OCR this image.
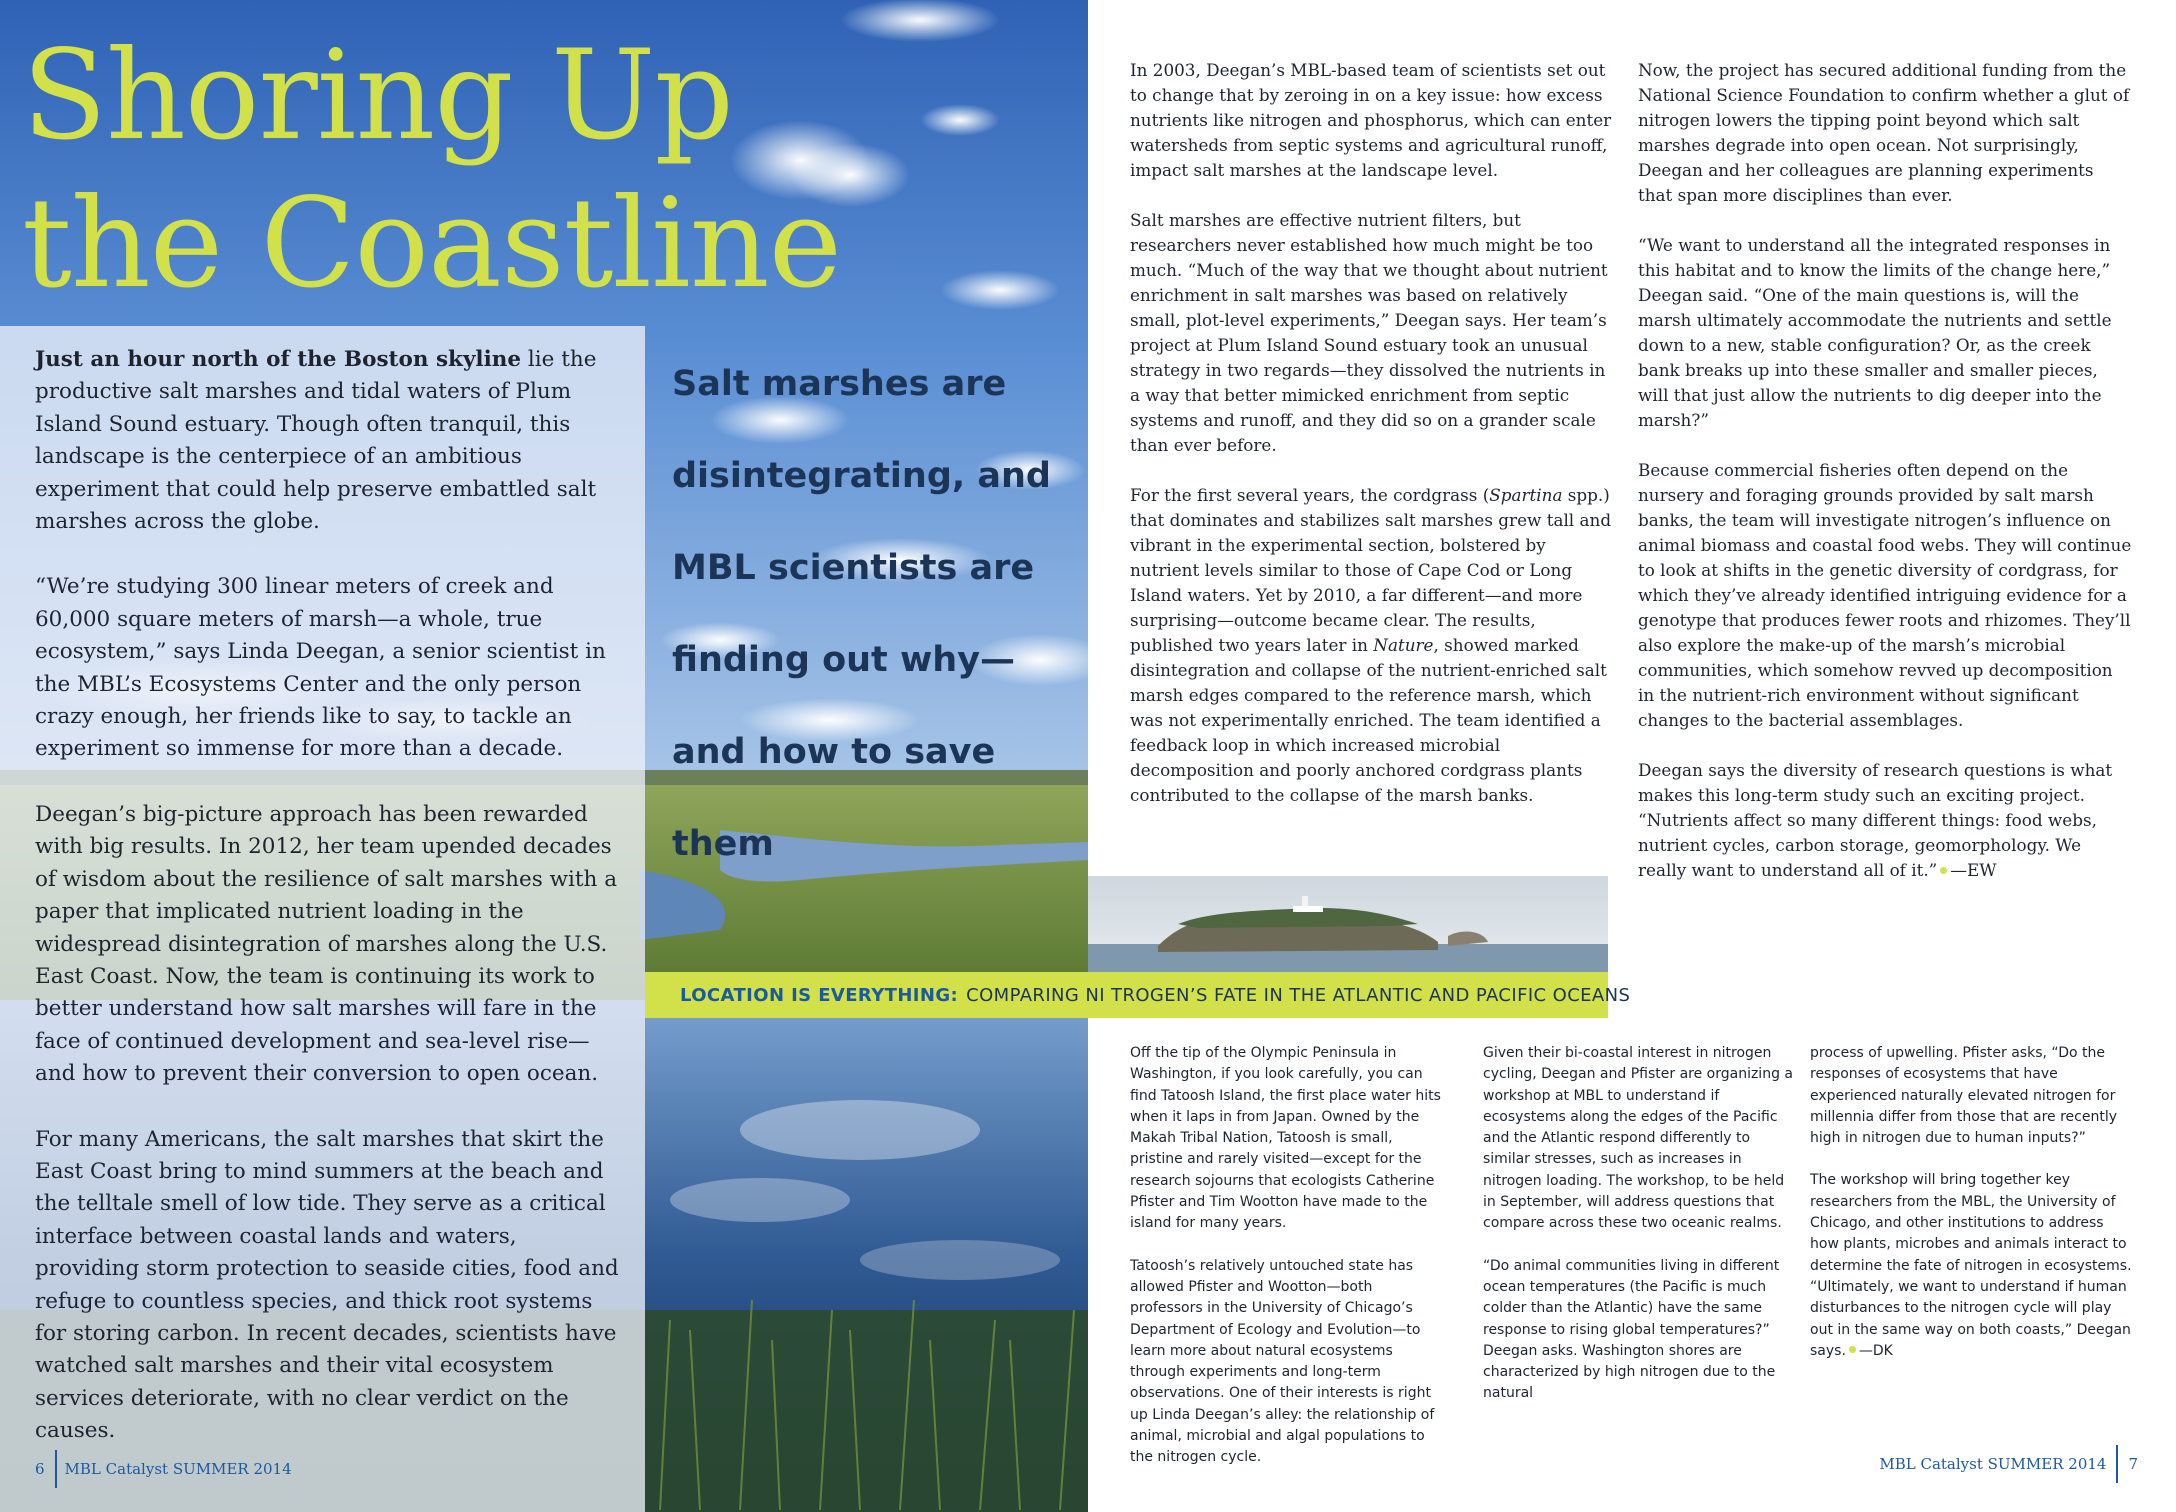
Shoring Up
the Coastline

Just an hour north of the Boston skyline lie the productive salt marshes and tidal waters of Plum Island Sound estuary. Though often tranquil, this landscape is the centerpiece of an ambitious experiment that could help preserve embattled salt marshes across the globe.

“We’re studying 300 linear meters of creek and 60,000 square meters of marsh—a whole, true ecosystem,” says Linda Deegan, a senior scientist in the MBL’s Ecosystems Center and the only person crazy enough, her friends like to say, to tackle an experiment so immense for more than a decade.

Deegan’s big-picture approach has been rewarded with big results. In 2012, her team upended decades of wisdom about the resilience of salt marshes with a paper that implicated nutrient loading in the widespread disintegration of marshes along the U.S. East Coast. Now, the team is continuing its work to better understand how salt marshes will fare in the face of continued development and sea-level rise—and how to prevent their conversion to open ocean.

For many Americans, the salt marshes that skirt the East Coast bring to mind summers at the beach and the telltale smell of low tide. They serve as a critical interface between coastal lands and waters, providing storm protection to seaside cities, food and refuge to countless species, and thick root systems for storing carbon. In recent decades, scientists have watched salt marshes and their vital ecosystem services deteriorate, with no clear verdict on the causes.

Salt marshes are
disintegrating, and
MBL scientists are
finding out why—
and how to save them

6 MBL Catalyst SUMMER 2014

In 2003, Deegan’s MBL-based team of scientists set out to change that by zeroing in on a key issue: how excess nutrients like nitrogen and phosphorus, which can enter watersheds from septic systems and agricultural runoff, impact salt marshes at the landscape level.

Salt marshes are effective nutrient filters, but researchers never established how much might be too much. “Much of the way that we thought about nutrient enrichment in salt marshes was based on relatively small, plot-level experiments,” Deegan says. Her team’s project at Plum Island Sound estuary took an unusual strategy in two regards—they dissolved the nutrients in a way that better mimicked enrichment from septic systems and runoff, and they did so on a grander scale than ever before.

For the first several years, the cordgrass (Spartina spp.) that dominates and stabilizes salt marshes grew tall and vibrant in the experimental section, bolstered by nutrient levels similar to those of Cape Cod or Long Island waters. Yet by 2010, a far different—and more surprising—outcome became clear. The results, published two years later in Nature, showed marked disintegration and collapse of the nutrient-enriched salt marsh edges compared to the reference marsh, which was not experimentally enriched. The team identified a feedback loop in which increased microbial decomposition and poorly anchored cordgrass plants contributed to the collapse of the marsh banks.

Now, the project has secured additional funding from the National Science Foundation to confirm whether a glut of nitrogen lowers the tipping point beyond which salt marshes degrade into open ocean. Not surprisingly, Deegan and her colleagues are planning experiments that span more disciplines than ever.

“We want to understand all the integrated responses in this habitat and to know the limits of the change here,” Deegan said. “One of the main questions is, will the marsh ultimately accommodate the nutrients and settle down to a new, stable configuration? Or, as the creek bank breaks up into these smaller and smaller pieces, will that just allow the nutrients to dig deeper into the marsh?”

Because commercial fisheries often depend on the nursery and foraging grounds provided by salt marsh banks, the team will investigate nitrogen’s influence on animal biomass and coastal food webs. They will continue to look at shifts in the genetic diversity of cordgrass, for which they’ve already identified intriguing evidence for a genotype that produces fewer roots and rhizomes. They’ll also explore the make-up of the marsh’s microbial communities, which somehow revved up decomposition in the nutrient-rich environment without significant changes to the bacterial assemblages.

Deegan says the diversity of research questions is what makes this long-term study such an exciting project. “Nutrients affect so many different things: food webs, nutrient cycles, carbon storage, geomorphology. We really want to understand all of it.” —EW

LOCATION IS EVERYTHING: COMPARING NI TROGEN’S FATE IN THE ATLANTIC AND PACIFIC OCEANS

Off the tip of the Olympic Peninsula in Washington, if you look carefully, you can find Tatoosh Island, the first place water hits when it laps in from Japan. Owned by the Makah Tribal Nation, Tatoosh is small, pristine and rarely visited—except for the research sojourns that ecologists Catherine Pfister and Tim Wootton have made to the island for many years.

Tatoosh’s relatively untouched state has allowed Pfister and Wootton—both professors in the University of Chicago’s Department of Ecology and Evolution—to learn more about natural ecosystems through experiments and long-term observations. One of their interests is right up Linda Deegan’s alley: the relationship of animal, microbial and algal populations to the nitrogen cycle.

Given their bi-coastal interest in nitrogen cycling, Deegan and Pfister are organizing a workshop at MBL to understand if ecosystems along the edges of the Pacific and the Atlantic respond differently to similar stresses, such as increases in nitrogen loading. The workshop, to be held in September, will address questions that compare across these two oceanic realms.

“Do animal communities living in different ocean temperatures (the Pacific is much colder than the Atlantic) have the same response to rising global temperatures?” Deegan asks. Washington shores are characterized by high nitrogen due to the natural

process of upwelling. Pfister asks, “Do the responses of ecosystems that have experienced naturally elevated nitrogen for millennia differ from those that are recently high in nitrogen due to human inputs?”

The workshop will bring together key researchers from the MBL, the University of Chicago, and other institutions to address how plants, microbes and animals interact to determine the fate of nitrogen in ecosystems. “Ultimately, we want to understand if human disturbances to the nitrogen cycle will play out in the same way on both coasts,” Deegan says. —DK

MBL Catalyst SUMMER 2014 7
